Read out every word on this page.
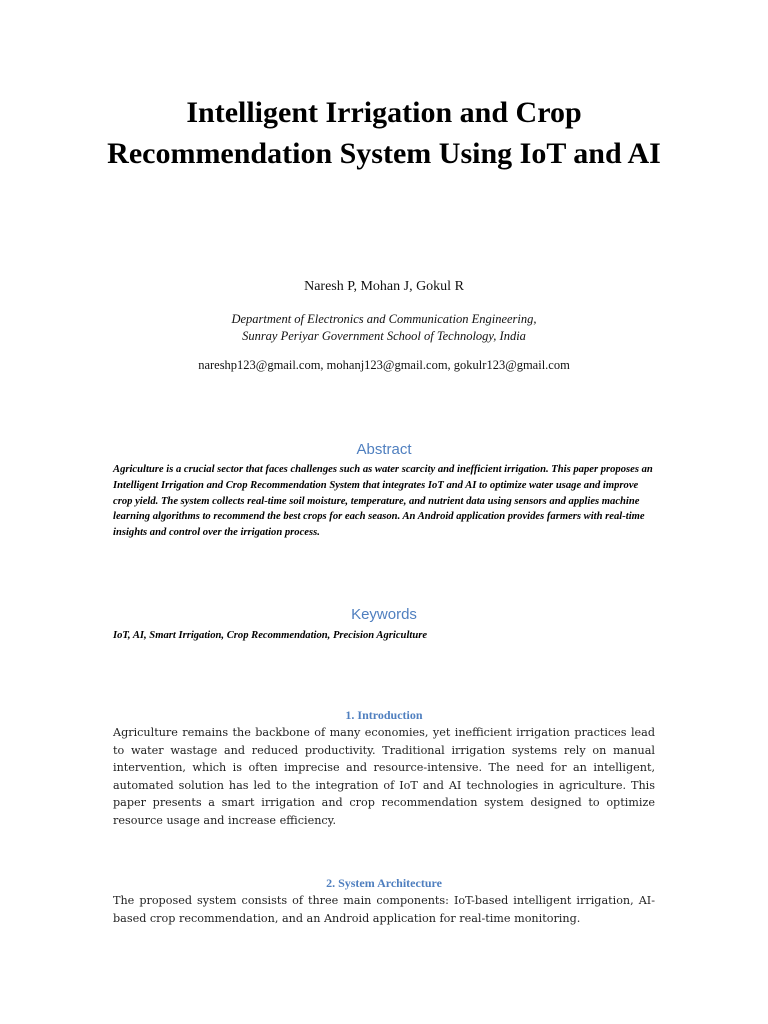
Intelligent Irrigation and Crop Recommendation System Using IoT and AI
Naresh P, Mohan J, Gokul R
Department of Electronics and Communication Engineering,
Sunray Periyar Government School of Technology, India
nareshp123@gmail.com, mohanj123@gmail.com, gokulr123@gmail.com
Abstract

Agriculture is a crucial sector that faces challenges such as water scarcity and inefficient irrigation. This paper proposes an Intelligent Irrigation and Crop Recommendation System that integrates IoT and AI to optimize water usage and improve crop yield. The system collects real-time soil moisture, temperature, and nutrient data using sensors and applies machine learning algorithms to recommend the best crops for each season. An Android application provides farmers with real-time insights and control over the irrigation process.

Keywords

IoT, AI, Smart Irrigation, Crop Recommendation, Precision Agriculture

1. Introduction

Agriculture remains the backbone of many economies, yet inefficient irrigation practices lead to water wastage and reduced productivity. Traditional irrigation systems rely on manual intervention, which is often imprecise and resource-intensive. The need for an intelligent, automated solution has led to the integration of IoT and AI technologies in agriculture. This paper presents a smart irrigation and crop recommendation system designed to optimize resource usage and increase efficiency.

2. System Architecture

The proposed system consists of three main components: IoT-based intelligent irrigation, AI-based crop recommendation, and an Android application for real-time monitoring.
